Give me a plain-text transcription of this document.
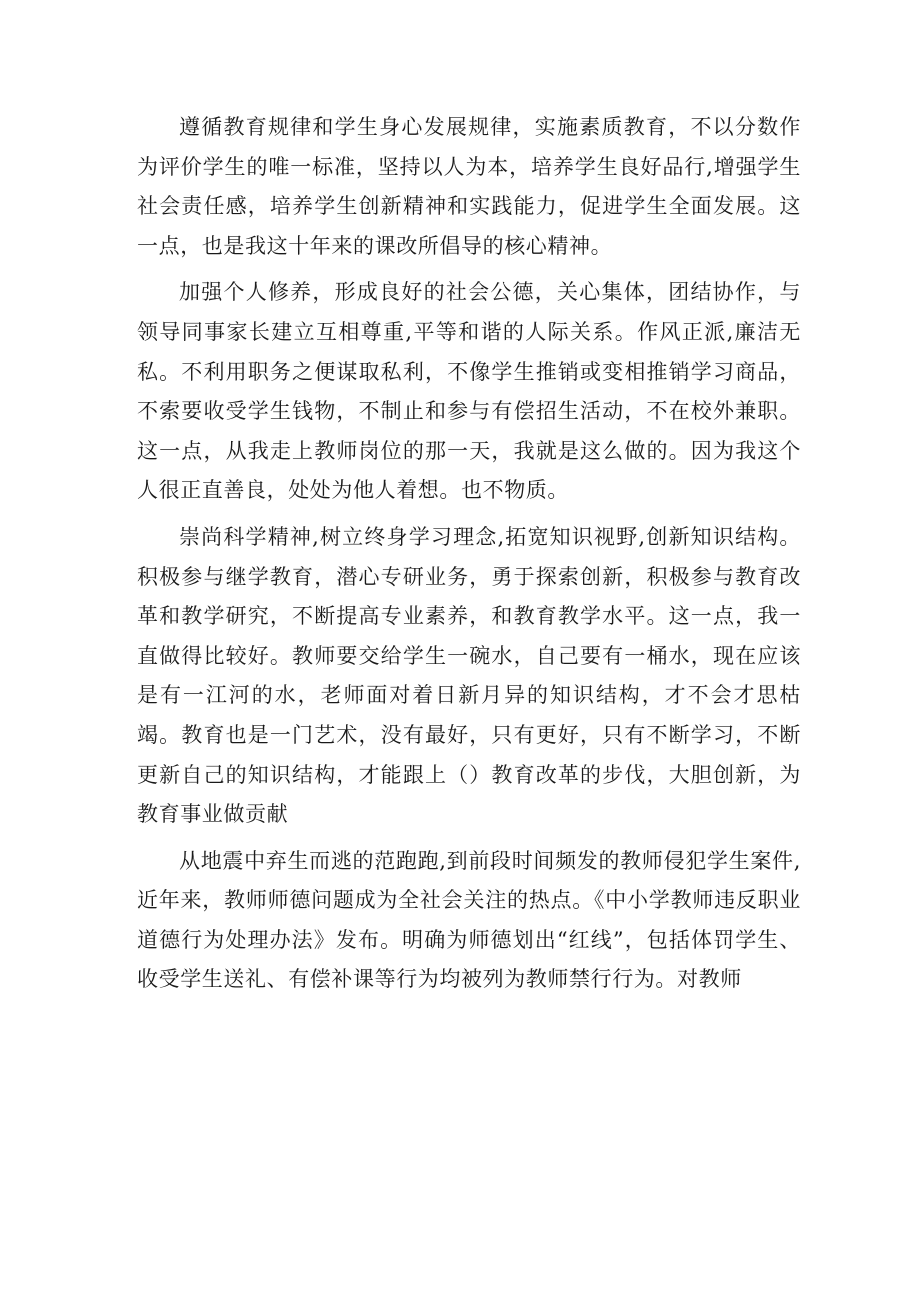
遵循教育规律和学生身心发展规律，实施素质教育，不以分数作为评价学生的唯一标准，坚持以人为本，培养学生良好品行,增强学生社会责任感，培养学生创新精神和实践能力，促进学生全面发展。这一点，也是我这十年来的课改所倡导的核心精神。

加强个人修养，形成良好的社会公德，关心集体，团结协作，与领导同事家长建立互相尊重,平等和谐的人际关系。作风正派,廉洁无私。不利用职务之便谋取私利，不像学生推销或变相推销学习商品，不索要收受学生钱物，不制止和参与有偿招生活动，不在校外兼职。这一点，从我走上教师岗位的那一天，我就是这么做的。因为我这个人很正直善良，处处为他人着想。也不物质。

崇尚科学精神,树立终身学习理念,拓宽知识视野,创新知识结构。积极参与继学教育，潜心专研业务，勇于探索创新，积极参与教育改革和教学研究，不断提高专业素养，和教育教学水平。这一点，我一直做得比较好。教师要交给学生一碗水，自己要有一桶水，现在应该是有一江河的水，老师面对着日新月异的知识结构，才不会才思枯竭。教育也是一门艺术，没有最好，只有更好，只有不断学习，不断更新自己的知识结构，才能跟上（）教育改革的步伐，大胆创新，为教育事业做贡献

从地震中弃生而逃的范跑跑,到前段时间频发的教师侵犯学生案件,近年来，教师师德问题成为全社会关注的热点。《中小学教师违反职业道德行为处理办法》发布。明确为师德划出“红线”，包括体罚学生、收受学生送礼、有偿补课等行为均被列为教师禁行行为。对教师
